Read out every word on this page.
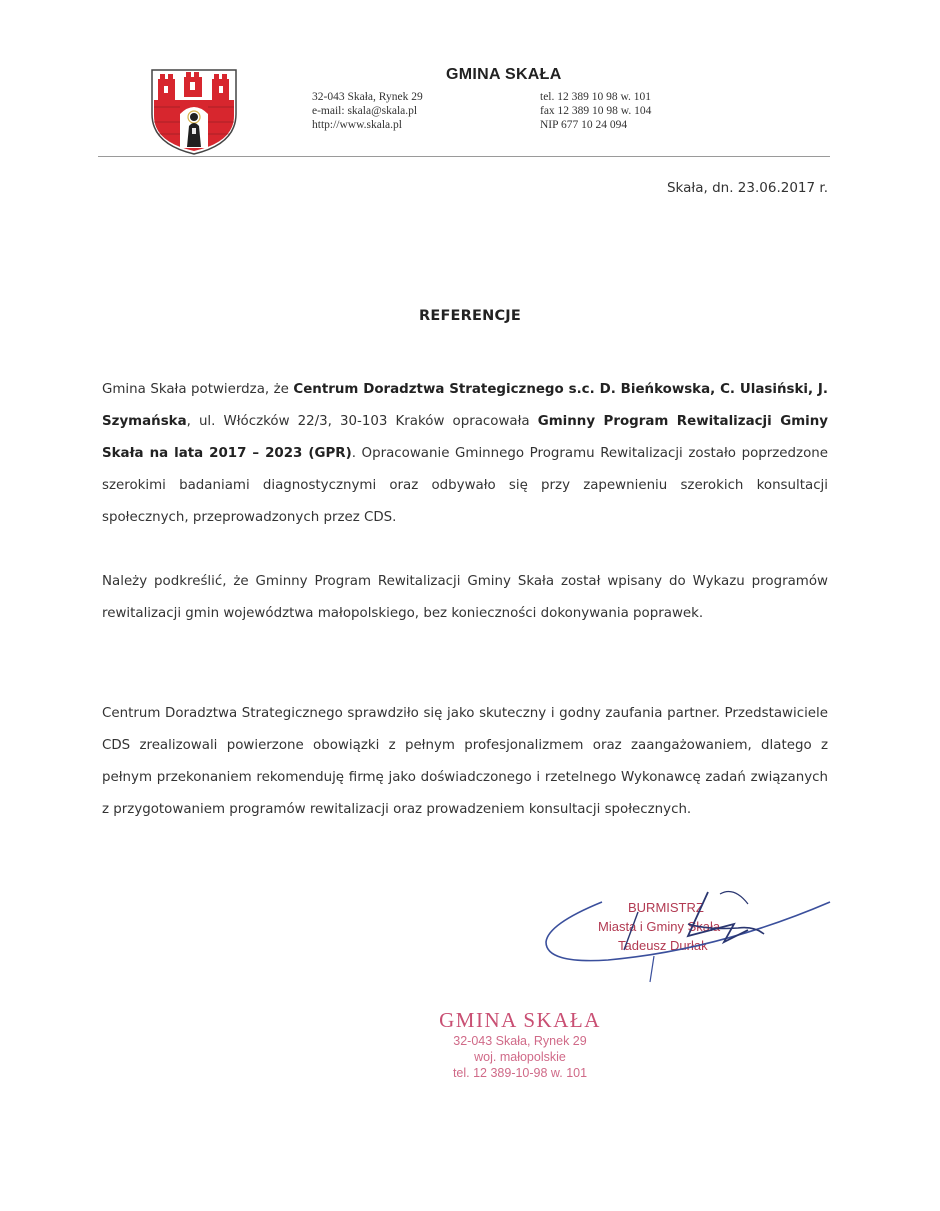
GMINA SKAŁA
32-043 Skała, Rynek 29
e-mail: skala@skala.pl
http://www.skala.pl
tel. 12 389 10 98 w. 101
fax 12 389 10 98 w. 104
NIP 677 10 24 094
Skała, dn. 23.06.2017 r.
REFERENCJE
Gmina Skała potwierdza, że Centrum Doradztwa Strategicznego s.c. D. Bieńkowska, C. Ulasiński, J. Szymańska, ul. Włóczków 22/3, 30-103 Kraków opracowała Gminny Program Rewitalizacji Gminy Skała na lata 2017 – 2023 (GPR). Opracowanie Gminnego Programu Rewitalizacji zostało poprzedzone szerokimi badaniami diagnostycznymi oraz odbywało się przy zapewnieniu szerokich konsultacji społecznych, przeprowadzonych przez CDS.
Należy podkreślić, że Gminny Program Rewitalizacji Gminy Skała został wpisany do Wykazu programów rewitalizacji gmin województwa małopolskiego, bez konieczności dokonywania poprawek.
Centrum Doradztwa Strategicznego sprawdziło się jako skuteczny i godny zaufania partner. Przedstawiciele CDS zrealizowali powierzone obowiązki z pełnym profesjonalizmem oraz zaangażowaniem, dlatego z pełnym przekonaniem rekomenduję firmę jako doświadczonego i rzetelnego Wykonawcę zadań związanych z przygotowaniem programów rewitalizacji oraz prowadzeniem konsultacji społecznych.
BURMISTRZ
Miasta i Gminy Skała
Tadeusz Durłak
GMINA SKAŁA
32-043 Skała, Rynek 29
woj. małopolskie
tel. 12 389-10-98 w. 101
